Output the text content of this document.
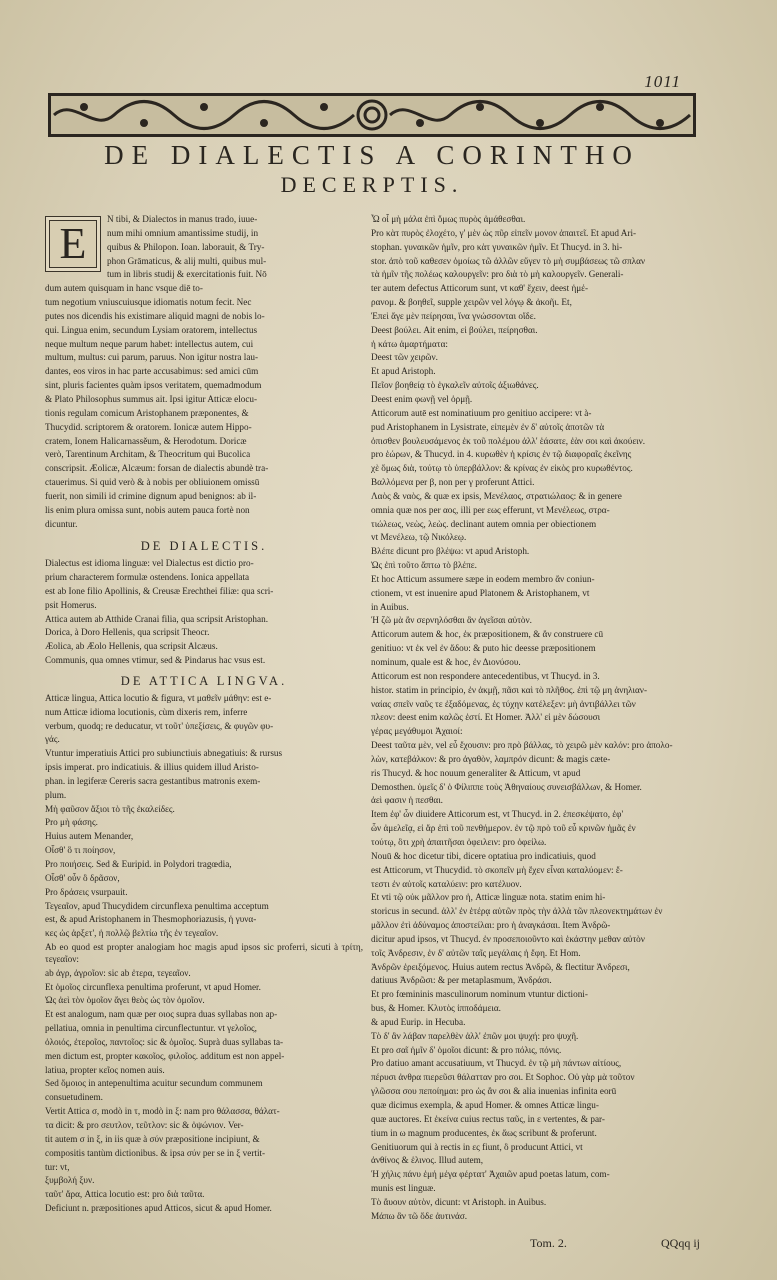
1011
DE DIALECTIS A CORINTHO
DECERPTIS.
E	N tibi, & Dialectos in manus trado, iuue-

num mihi omnium amantissime studij, in

quibus & Philopon. Ioan. laborauit, & Try-

phon Grāmaticus, & alij multi, quibus mul-

tum in libris studij & exercitationis fuit. Nō

dum autem quisquam in hanc vsque diē to-

tum negotium vniuscuiusque idiomatis notum fecit. Nec

putes nos dicendis his existimare aliquid magni de nobis lo-

qui. Lingua enim, secundum Lysiam oratorem, intellectus

neque multum neque parum habet: intellectus autem, cui

multum, multus: cui parum, paruus. Non igitur nostra lau-

dantes, eos viros in hac parte accusabimus: sed amici cūm

sint, pluris facientes quàm ipsos veritatem, quemadmodum

& Plato Philosophus summus ait. Ipsi igitur Atticæ elocu-

tionis regulam comicum Aristophanem præponentes, &

Thucydid. scriptorem & oratorem. Ionicæ autem Hippo-

cratem, Ionem Halicarnassěum, & Herodotum. Doricæ

verò, Tarentinum Architam, & Theocritum qui Bucolica

conscripsit. Æolicæ, Alcæum: forsan de dialectis abundè tra-

ctauerimus. Si quid verò & à nobis per obliuionem omissū

fuerit, non simili id crimine dignum apud benignos: ab il-

lis enim plura omissa sunt, nobis autem pauca fortè non

dicuntur.

DE DIALECTIS.

Dialectus est idioma linguæ: vel Dialectus est dictio pro-

prium characterem formulæ ostendens. Ionica appellata

est ab Ione filio Apollinis, & Creusæ Erechthei filiæ: qua scri-

psit Homerus.

Attica autem ab Atthide Cranai filia, qua scripsit Aristophan.

Dorica, à Doro Hellenis, qua scripsit Theocr.

Æolica, ab Æolo Hellenis, qua scripsit Alcæus.

Communis, qua omnes vtimur, sed & Pindarus hac vsus est.

DE ATTICA LINGVA.

Atticæ lingua, Attica locutio & figura, vt μαθεῖν μάθην: est e-

num Atticæ idioma locutionis, cùm dixeris rem, inferre

verbum, quodq; re deducatur, vt τοῦτ' ὑπεξίσεις, & φυγῶν φυ-

γάς.

Vtuntur imperatiuis Attici pro subiunctiuis abnegatiuis: & rursus

ipsis imperat. pro indicatiuis. & illius quidem illud Aristo-

phan. in legiferæ Cereris sacra gestantibus matronis exem-

plum.

Μὴ φαῦσον ἄξιοι τὸ τῆς ἐκαλείδες.

Pro μὴ φάσης.

Huius autem Menander,

Οἶσθ' ὃ τι ποίησον,

Pro ποιήσεις. Sed & Euripid. in Polydori tragœdia,

Οἶσθ' οὖν ὃ δρᾶσον,

Pro δράσεις vsurpauit.

Τεγεαῖον, apud Thucydidem circunflexa penultima acceptum

est, & apud Aristophanem in Thesmophoriazusis, ἡ γυνα-

κες ὡς ἀρξετ', ἡ πολλῷ βελτίω τῆς ἐν τεγεαῖον.

Ab eo quod est propter analogiam hoc magis apud ipsos sic proferri, sicuti à τρίτη, τεγεαῖον:

ab ἀγρ, ἀγροῖον: sic ab ἐτερα, τεγεαῖον.

Et ὁμοῖος circunflexa penultima proferunt, vt apud Homer.

Ὡς ἀεὶ τὸν ὁμοῖον ἄγει θεὸς ὡς τὸν ὁμοῖον.

Et est analogum, nam quæ per οιος supra duas syllabas non ap-

pellatiua, omnia in penultima circunflectuntur. vt γελοῖος,

ὀλοιός, ἐτεροῖος, παντοῖος: sic & ὁμοῖος. Suprà duas syllabas ta-

men dictum est, propter κακοῖος, φιλοῖος. additum est non appel-

latiua, propter κεῖος nomen auis.

Sed ὅμοιος in antepenultima acuitur secundum communem

consuetudinem.

Vertit Attica σ, modò in τ, modò in ξ: nam pro θάλασσα, θάλατ-

τα dicit: & pro σευτλον, τεῦτλον: sic & ὀψώνιον. Ver-

tit autem σ in ξ, in iis quæ à σύν præpositione incipiunt, &

compositis tantùm dictionibus. & ipsa σύν per se in ξ vertit-

tur: vt,

ξυμβολή ξυν.

ταῦτ' ἄρα, Attica locutio est: pro διὰ ταῦτα.

Deficiunt n. præpositiones apud Atticos, sicut & apud Homer.

Ὦ οἷ μὴ μάλα ἐπὶ ὅμως πυρὸς ἀμάθεσθαι.

Pro κὰτ πυρὸς ἐλοχέτο, γ' μὲν ὡς πῦρ εἰπεῖν μονον ἀπαιτεῖ. Et apud Ari-

stophan. γυναικῶν ἡμῖν, pro κὰτ γυναικῶν ἡμῖν. Et Thucyd. in 3. hi-

stor. ἀπὸ τοῦ καθεσεν ὁμοίως τῶ ἀλλῶν εὔγεν τὸ μὴ συμβάσεως τῶ σπλαν

τὰ ἡμῖν τῆς πολέως καλουργεῖν: pro διὰ τὸ μὴ καλουργεῖν. Generali-

ter autem defectus Atticorum sunt, vt καθ' ἔχειν, deest ἡμέ-

ρανομ. & βοηθεῖ, supple χειρῶν vel λόγῳ & ἀκοῆι. Et,

Ἐπεὶ ἄγε μὲν πείρησαι, ἵνα γνώσσονται οἵδε.

Deest βούλει. Ait enim, εἰ βούλει, πείρησθαι.

ἡ κάτω ἁμαρτήματα:

Deest τῶν χειρῶν.

Et apud Aristoph.

Πεῖον βοηθείᾳ τὸ ἐγκαλεῖν αὐτοῖς ἀξιωθάνες.

Deest enim φωνῇ vel ὁρμῇ.

Atticorum autē est nominatiuum pro genitiuo accipere: vt à-

pud Aristophanem in Lysistrate, εἰπεμὲν ἐν δ' αὐτοῖς ἀποτῶν τὰ

ὀπισθεν βουλευσάμενος ἐκ τοῦ πολέμου ἀλλ' ἑάσατε, ἐὰν σοι καὶ ἀκούειν.

pro ἑώρων, & Thucyd. in 4. κυρωθὲν ἡ κρίσις ἐν τῷ διαφοραῖς ἐκεῖνης

χὲ ὅμως διὰ, τούτῳ τὸ ὑπερβάλλον: & κρίνας ἐν εἰκὸς pro κυρωθέντος.

Βαλλόμενα per β, non per γ proferunt Attici.

Λαὸς & ναὸς, & quæ ex ipsis, Μενέλαος, στρατιώλαος: & in genere

omnia quæ nos per αος, illi per εως efferunt, vt Μενέλεως, στρα-

τιώλεως, νεὼς, λεὼς. declinant autem omnia per obiectionem

vt Μενέλεω, τῷ Νικόλεῳ.

Βλέπε dicunt pro βλέψω: vt apud Aristoph.

Ὡς ἐπὶ τοῦτο ἄπτω τὸ βλέπε.

Et hoc Atticum assumere sæpe in eodem membro ἄν coniun-

ctionem, vt est inuenire apud Platonem & Aristophanem, vt

in Auibus.

Ἡ ζῶ μὰ ἂν σερνηλόσθαι ἂν ἀγεῖσαι αὐτὸν.

Atticorum autem & hoc, ἐκ præpositionem, & ἄν construere cū

genitiuo: vt ἐκ vel ἐν ἄδου: & puto hic deesse præpositionem

nominum, quale est & hoc, ἐν Διονύσου.

Atticorum est non respondere antecedentibus, vt Thucyd. in 3.

histor. statim in principio, ἐν ἀκμῇ, πᾶσι καὶ τὸ πλῆθος. ἐπὶ τῷ μη ἀνηλιαν-

ναίας σπεῖν ναῦς τε ἐξαδόμενας, ἐς τύχην κατέλεξεν: μὴ ἀντιβάλλει τῶν

πλεον: deest enim καλῶς ἐστί. Et Homer. Ἀλλ' εἰ μὲν δώσουσι

γέρας μεγάθυμοι Ἀχαιοί:

Deest ταῦτα μὲν, vel εὖ ἔχουσιν: pro πρὸ βάλλας, τὸ χειρῶ μὲν καλόν: pro ἀπολο-

λὼν, κατεβάλκον: & pro ἀγαθὸν, λαμπρόν dicunt: & magis cæte-

ris Thucyd. & hoc nouum generaliter & Atticum, vt apud

Demosthen. ὑμεῖς δ' ὁ Φίλιππε τοὺς Ἀθηναίους συνεισβάλλων, & Homer.

ἀεὶ φασιν ἡ πεσθαι.

Item ἐφ' ὧν diuidere Atticorum est, vt Thucyd. in 2. ἐπεσκέψατο, ἐφ'

ὧν ἀμελεῖᾳ, εἰ ἄρ ἐπὶ τοῦ πενθήμερον. ἐν τῷ πρὸ τοῦ εὖ κρινῶν ἡμᾶς ἐν

τούτῳ, ὃτι χρὴ ἀπαιτῆσαι ὀφειλειν: pro ὀφείλω.

Nouū & hoc dicetur tibi, dicere optatiua pro indicatiuis, quod

est Atticorum, vt Thucydid. τὸ σκοπεῖν μὴ ἔχεν εἶναι καταλύομεν: ἔ-

τεστι ἐν αὐτοῖς καταλύειν: pro κατέλυον.

Et vti τῷ οὐκ μᾶλλον pro ἡ, Atticæ linguæ nota. statim enim hi-

storicus in secund. ἀλλ' ἐν ἑτέρᾳ αὐτῶν πρὸς τὴν ἀλλὰ τῶν πλεονεκτημάτων ἐν

μᾶλλον ἐτὶ ἀδύναμος ἀποστείλαι: pro ἡ ἀναγκάσαι. Item Ἀνδρῶ-

dicitur apud ipsos, vt Thucyd. ἐν προσεποιοῦντο καὶ ἑκάστην μεθαν αὐτὸν

τοῖς Ἀνδρεσιν, ἐν δ' αὐτῶν ταῖς μεγάλαις ἡ ἔφη. Et Hom.

Ἀνδρῶν ἐρειξόμενος. Huius autem rectus Ἀνδρῶ, & flectitur Ἀνδρεσι,

datiuus Ἀνδρῶσι: & per metaplasmum, Ἀνδράσι.

Et pro fœmininis masculinorum nominum vtuntur dictioni-

bus, & Homer. Κλυτὸς ἱπποδάμεια.

& apud Eurip. in Hecuba.

Τὸ δ' ἂν λάβαν παρελθὲν ἀλλ' ἐπῶν μοι ψυχή: pro ψυχῆ.

Et pro σαῖ ἡμῖν δ' ὁμοῖοι dicunt: & pro πόλις, πόνις.

Pro datiuo amant accusatiuum, vt Thucyd. ἐν τῷ μὴ πάντων αἰτίους,

πέρυσι ἀνθρα πιερεῦσι θάλατταν pro σοι. Et Sophoc. Οὐ γὰρ μὰ τοῦτον

γλῶσσα σου πεποίημαι: pro ὡς ἂν σοι & alia inuenias infinita eorū

quæ dicimus exempla, & apud Homer. & omnes Atticæ lingu-

quæ auctores. Et ἐκείνα cuius rectus ταῦς, in ε vertentes, & par-

tium in ω magnum producentes, ἐκ ἅως scribunt & proferunt.

Genitiuorum qui à rectis in ες fiunt, ὃ producunt Attici, vt

ἀνθίνος & ἑλινος. Illud autem,

Ἡ χήλις πάνυ ἐμή μέγα φέρτατ' Ἀχαιῶν apud poetas latum, com-

munis est linguæ.

Τὸ ἄυουν αὐτὸν, dicunt: vt Aristoph. in Auibus.

Μάπω ἂν τῶ ὅδε ἀυτινάσ.

Tom. 2.	QQqq ij
